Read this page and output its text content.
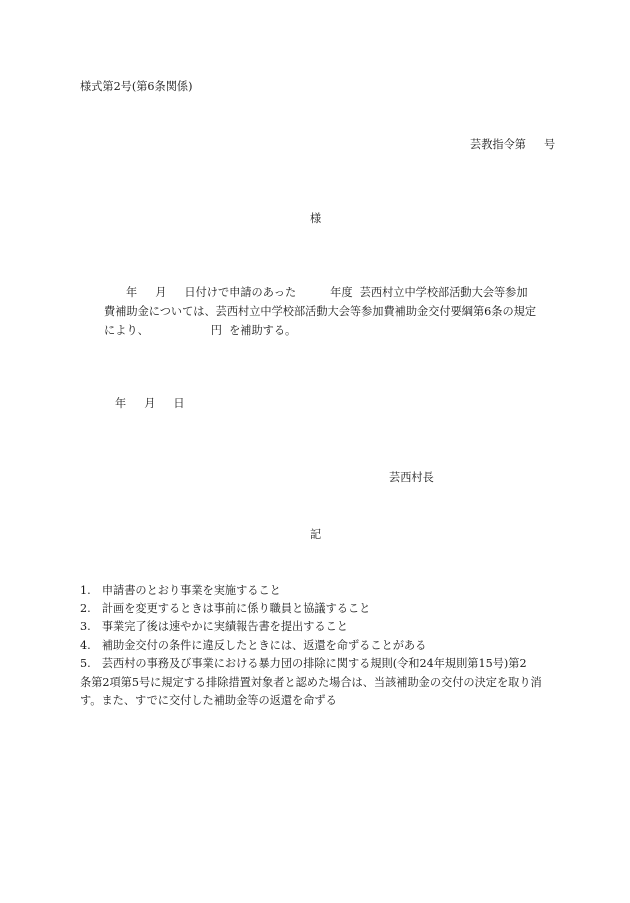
様式第2号(第6条関係)
芸教指令第 号
様
年 月 日付けで申請のあった	年度 芸西村立中学校部活動大会等参加
費補助金については、芸西村立中学校部活動大会等参加費補助金交付要綱第6条の規定
により、	円 を補助する。
年 月 日
芸西村長
記
1.　申請書のとおり事業を実施すること
2.　計画を変更するときは事前に係り職員と協議すること
3.　事業完了後は速やかに実績報告書を提出すること
4.　補助金交付の条件に違反したときには、返還を命ずることがある
5.　芸西村の事務及び事業における暴力団の排除に関する規則(令和24年規則第15号)第2
条第2項第5号に規定する排除措置対象者と認めた場合は、当該補助金の交付の決定を取り消
す。また、すでに交付した補助金等の返還を命ずる
